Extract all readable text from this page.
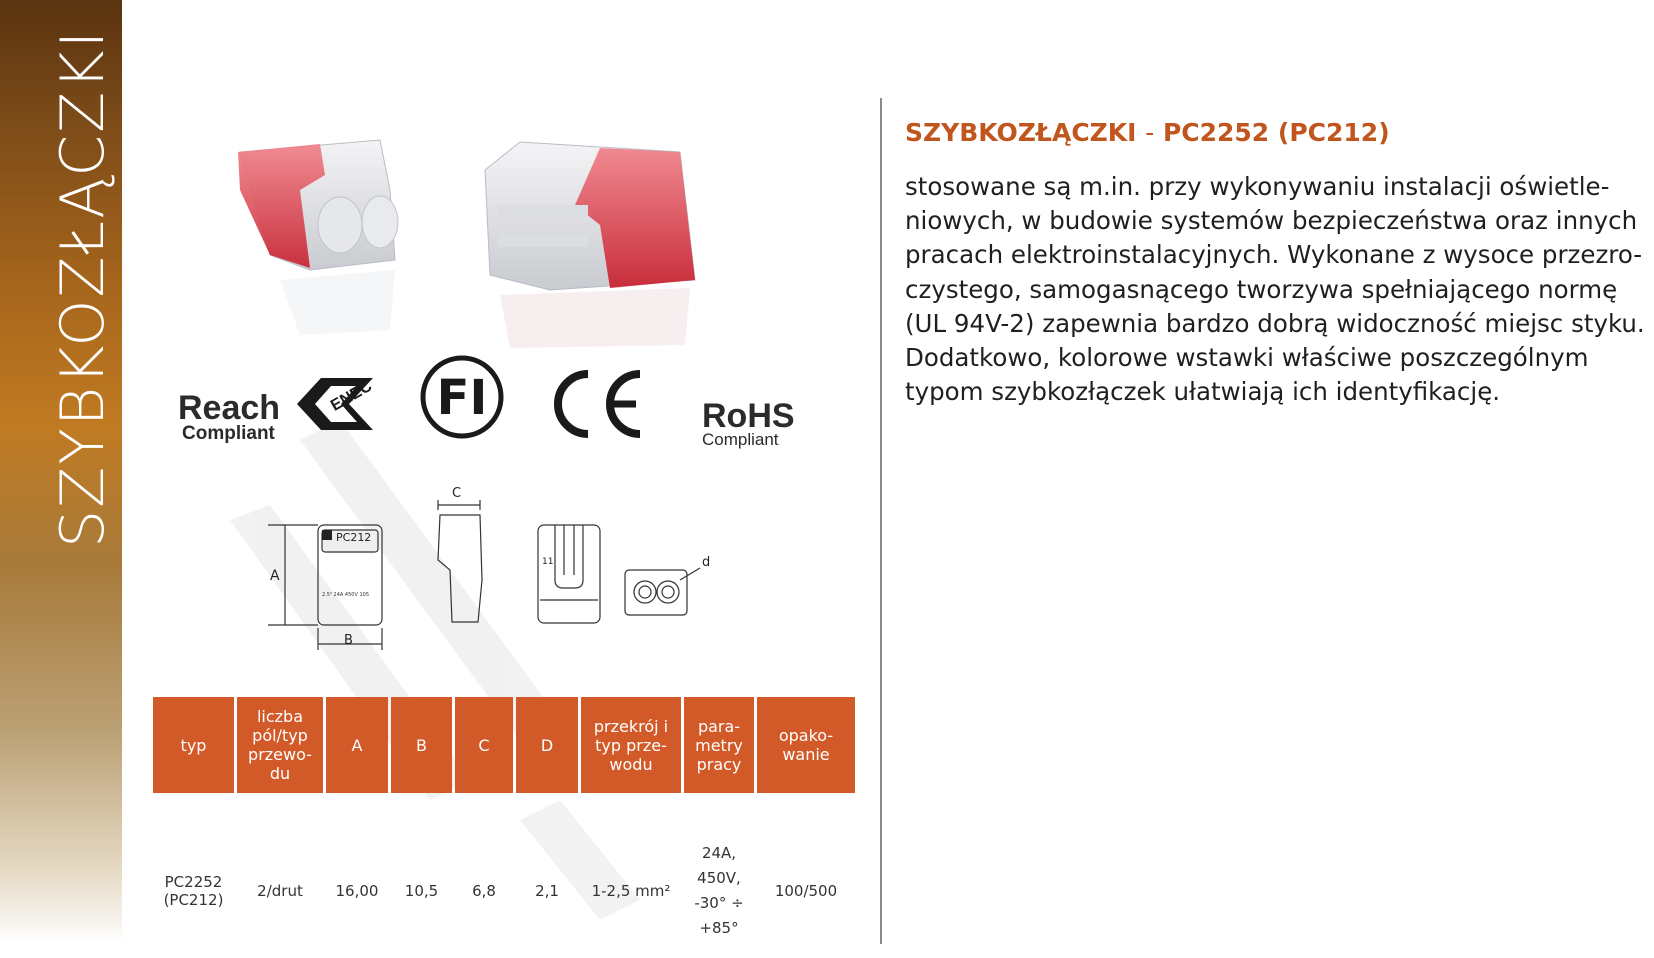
SZYBKOZŁĄCZKI Reach
Compliant
ENEC FI	RoHS
Compliant
PC212
2.5² 24A 450V 105
A
B
C
11	d
SZYBKOZŁĄCZKI - PC2252 (PC212)
stosowane są m.in. przy wykonywaniu instalacji oświetle-
niowych, w budowie systemów bezpieczeństwa oraz innych
pracach elektroinstalacyjnych. Wykonane z wysoce przezro-
czystego, samogasnącego tworzywa spełniającego normę
(UL 94V-2) zapewnia bardzo dobrą widoczność miejsc styku.
Dodatkowo, kolorowe wstawki właściwe poszczególnym
typom szybkozłączek ułatwiają ich identyfikację.
typ	liczba
pól/typ
przewo-
du	A	B	C	D	przekrój i
typ prze-
wodu	para-
metry
pracy	opako-
wanie
PC2252
(PC212)	2/drut	16,00	10,5	6,8	2,1	1-2,5 mm²	24A,
450V,
-30° ÷
+85°	100/500
